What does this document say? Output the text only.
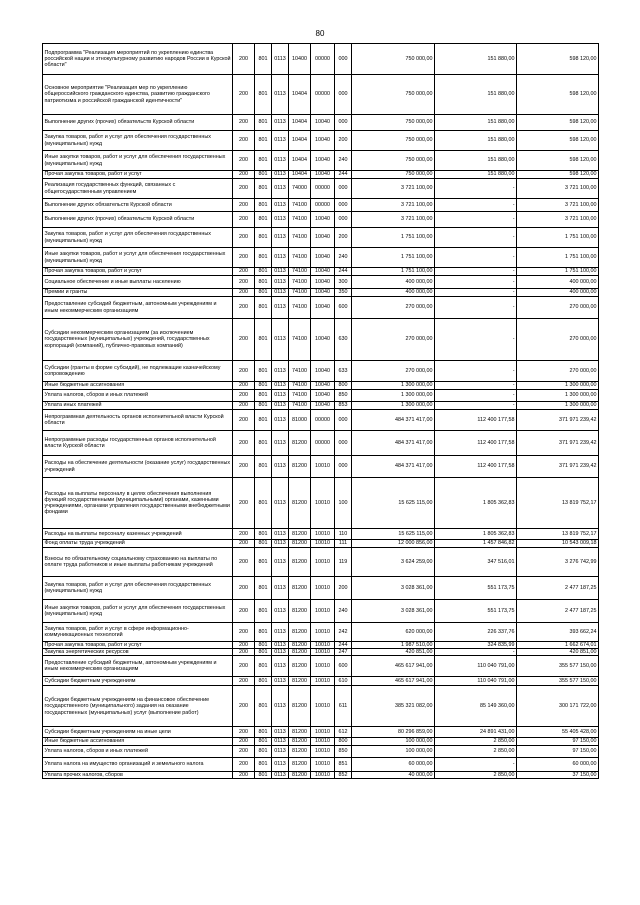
80
Подпрограмма "Реализация мероприятий по укреплению единства российской нации и этнокультурному развитию народов России в Курской области"	200	801	0113	10400	00000	000	750 000,00	151 880,00	598 120,00
Основное мероприятие "Реализация мер по укреплению общероссийского гражданского единства, развитию гражданского патриотизма и российской гражданской идентичности"	200	801	0113	10404	00000	000	750 000,00	151 880,00	598 120,00
Выполнение других (прочих) обязательств Курской области	200	801	0113	10404	10040	000	750 000,00	151 880,00	598 120,00
Закупка товаров, работ и услуг для обеспечения государственных (муниципальных) нужд	200	801	0113	10404	10040	200	750 000,00	151 880,00	598 120,00
Иные закупки товаров, работ и услуг для обеспечения государственных (муниципальных) нужд	200	801	0113	10404	10040	240	750 000,00	151 880,00	598 120,00
Прочая закупка товаров, работ и услуг	200	801	0113	10404	10040	244	750 000,00	151 880,00	598 120,00
Реализация государственных функций, связанных с общегосударственным управлением	200	801	0113	74000	00000	000	3 721 100,00	-	3 721 100,00
Выполнение других обязательств Курской области	200	801	0113	74100	00000	000	3 721 100,00	-	3 721 100,00
Выполнение других (прочих) обязательств Курской области	200	801	0113	74100	10040	000	3 721 100,00	-	3 721 100,00
Закупка товаров, работ и услуг для обеспечения государственных (муниципальных) нужд	200	801	0113	74100	10040	200	1 751 100,00	-	1 751 100,00
Иные закупки товаров, работ и услуг для обеспечения государственных (муниципальных) нужд	200	801	0113	74100	10040	240	1 751 100,00	-	1 751 100,00
Прочая закупка товаров, работ и услуг	200	801	0113	74100	10040	244	1 751 100,00	-	1 751 100,00
Социальное обеспечение и иные выплаты населению	200	801	0113	74100	10040	300	400 000,00	-	400 000,00
Премии и гранты	200	801	0113	74100	10040	350	400 000,00	-	400 000,00
Предоставление субсидий бюджетным, автономным учреждениям и иным некоммерческим организациям	200	801	0113	74100	10040	600	270 000,00	-	270 000,00
Субсидии некоммерческим организациям (за исключением государственных (муниципальных) учреждений, государственных корпораций (компаний), публично-правовых компаний)	200	801	0113	74100	10040	630	270 000,00	-	270 000,00
Субсидии (гранты в форме субсидий), не подлежащие казначейскому сопровождению	200	801	0113	74100	10040	633	270 000,00	-	270 000,00
Иные бюджетные ассигнования	200	801	0113	74100	10040	800	1 300 000,00	-	1 300 000,00
Уплата налогов, сборов и иных платежей	200	801	0113	74100	10040	850	1 300 000,00	-	1 300 000,00
Уплата иных платежей	200	801	0113	74100	10040	853	1 300 000,00	-	1 300 000,00
Непрограммная деятельность органов исполнительной власти Курской области	200	801	0113	81000	00000	000	484 371 417,00	112 400 177,58	371 971 239,42
Непрограммные расходы государственных органов исполнительной власти Курской области	200	801	0113	81200	00000	000	484 371 417,00	112 400 177,58	371 971 239,42
Расходы на обеспечение деятельности (оказание услуг) государственных учреждений	200	801	0113	81200	10010	000	484 371 417,00	112 400 177,58	371 971 239,42
Расходы на выплаты персоналу в целях обеспечения выполнения функций государственными (муниципальными) органами, казенными учреждениями, органами управления государственными внебюджетными фондами	200	801	0113	81200	10010	100	15 625 115,00	1 805 362,83	13 819 752,17
Расходы на выплаты персоналу казенных учреждений	200	801	0113	81200	10010	110	15 625 115,00	1 805 362,83	13 819 752,17
Фонд оплаты труда учреждений	200	801	0113	81200	10010	111	12 000 856,00	1 457 846,82	10 543 009,18
Взносы по обязательному социальному страхованию на выплаты по оплате труда работников и иные выплаты работникам учреждений	200	801	0113	81200	10010	119	3 624 259,00	347 516,01	3 276 742,99
Закупка товаров, работ и услуг для обеспечения государственных (муниципальных) нужд	200	801	0113	81200	10010	200	3 028 361,00	551 173,75	2 477 187,25
Иные закупки товаров, работ и услуг для обеспечения государственных (муниципальных) нужд	200	801	0113	81200	10010	240	3 028 361,00	551 173,75	2 477 187,25
Закупка товаров, работ и услуг в сфере информационно-коммуникационных технологий	200	801	0113	81200	10010	242	620 000,00	226 337,76	393 662,24
Прочая закупка товаров, работ и услуг	200	801	0113	81200	10010	244	1 987 510,00	324 835,99	1 662 674,01
Закупка энергетических ресурсов	200	801	0113	81200	10010	247	420 851,00	-	420 851,00
Предоставление субсидий бюджетным, автономным учреждениям и иным некоммерческим организациям	200	801	0113	81200	10010	600	465 617 941,00	110 040 791,00	355 577 150,00
Субсидии бюджетным учреждениям	200	801	0113	81200	10010	610	465 617 941,00	110 040 791,00	355 577 150,00
Субсидии бюджетным учреждениям на финансовое обеспечение государственного (муниципального) задания на оказание государственных (муниципальных) услуг (выполнение работ)	200	801	0113	81200	10010	611	385 321 082,00	85 149 360,00	300 171 722,00
Субсидии бюджетным учреждениям на иные цели	200	801	0113	81200	10010	612	80 296 859,00	24 891 431,00	55 405 428,00
Иные бюджетные ассигнования	200	801	0113	81200	10010	800	100 000,00	2 850,00	97 150,00
Уплата налогов, сборов и иных платежей	200	801	0113	81200	10010	850	100 000,00	2 850,00	97 150,00
Уплата налога на имущество организаций и земельного налога	200	801	0113	81200	10010	851	60 000,00	-	60 000,00
Уплата прочих налогов, сборов	200	801	0113	81200	10010	852	40 000,00	2 850,00	37 150,00
